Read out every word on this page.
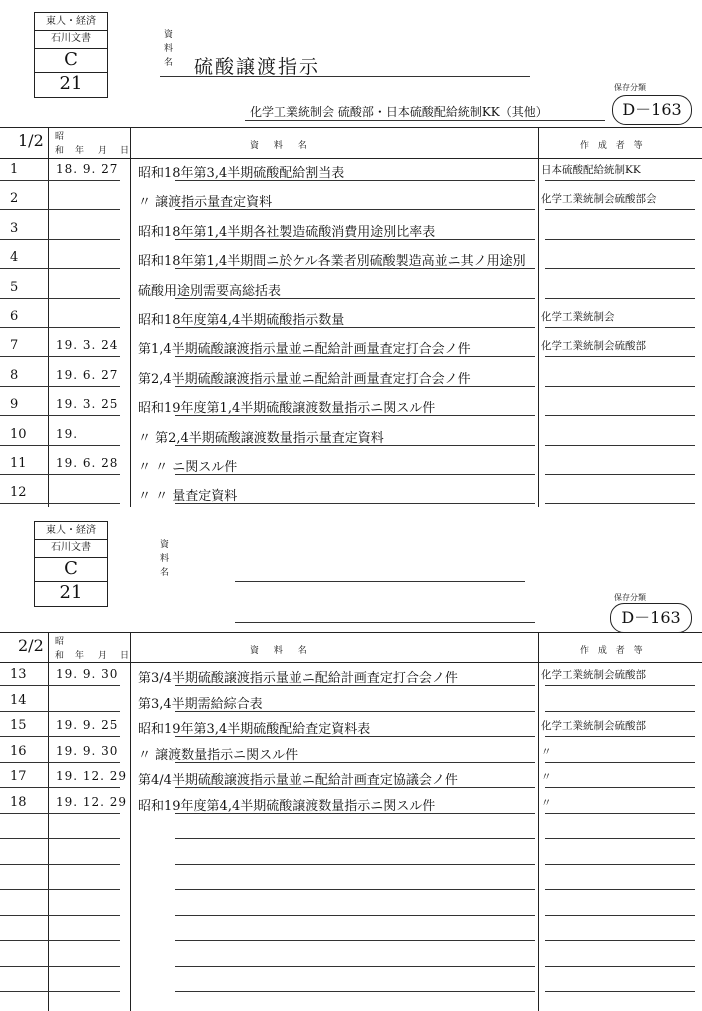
東人・経済
石川文書
C
21
資
料
名 硫酸譲渡指示
保存分類
D－163
化学工業統制会 硫酸部・日本硫酸配給統制KK（其他）
1/2 昭
和 年 月 日	資 料 名	作 成 者 等
1	18. 9. 27 昭和18年第3,4半期硫酸配給割当表	日本硫酸配給統制KK
2	〃 譲渡指示量査定資料	化学工業統制会硫酸部会
3	昭和18年第1,4半期各社製造硫酸消費用途別比率表
4	昭和18年第1,4半期間ニ於ケル各業者別硫酸製造高並ニ其ノ用途別
5	硫酸用途別需要高総括表
6	昭和18年度第4,4半期硫酸指示数量	化学工業統制会
7	19. 3. 24 第1,4半期硫酸譲渡指示量並ニ配給計画量査定打合会ノ件	化学工業統制会硫酸部
8	19. 6. 27 第2,4半期硫酸譲渡指示量並ニ配給計画量査定打合会ノ件
9	19. 3. 25 昭和19年度第1,4半期硫酸譲渡数量指示ニ関スル件
10 19.	〃 第2,4半期硫酸譲渡数量指示量査定資料
11 19. 6. 28 〃 〃 ニ関スル件
12	〃 〃 量査定資料
東人・経済
石川文書
C
21
資
料
名
保存分類
D－163
2/2 昭
和 年 月 日	資 料 名	作 成 者 等
13 19. 9. 30 第3/4半期硫酸譲渡指示量並ニ配給計画査定打合会ノ件	化学工業統制会硫酸部
14	第3,4半期需給綜合表
15 19. 9. 25 昭和19年第3,4半期硫酸配給査定資料表	化学工業統制会硫酸部
16 19. 9. 30 〃 譲渡数量指示ニ関スル件	〃
17 19. 12. 29 第4/4半期硫酸譲渡指示量並ニ配給計画査定協議会ノ件	〃
18 19. 12. 29 昭和19年度第4,4半期硫酸譲渡数量指示ニ関スル件	〃
